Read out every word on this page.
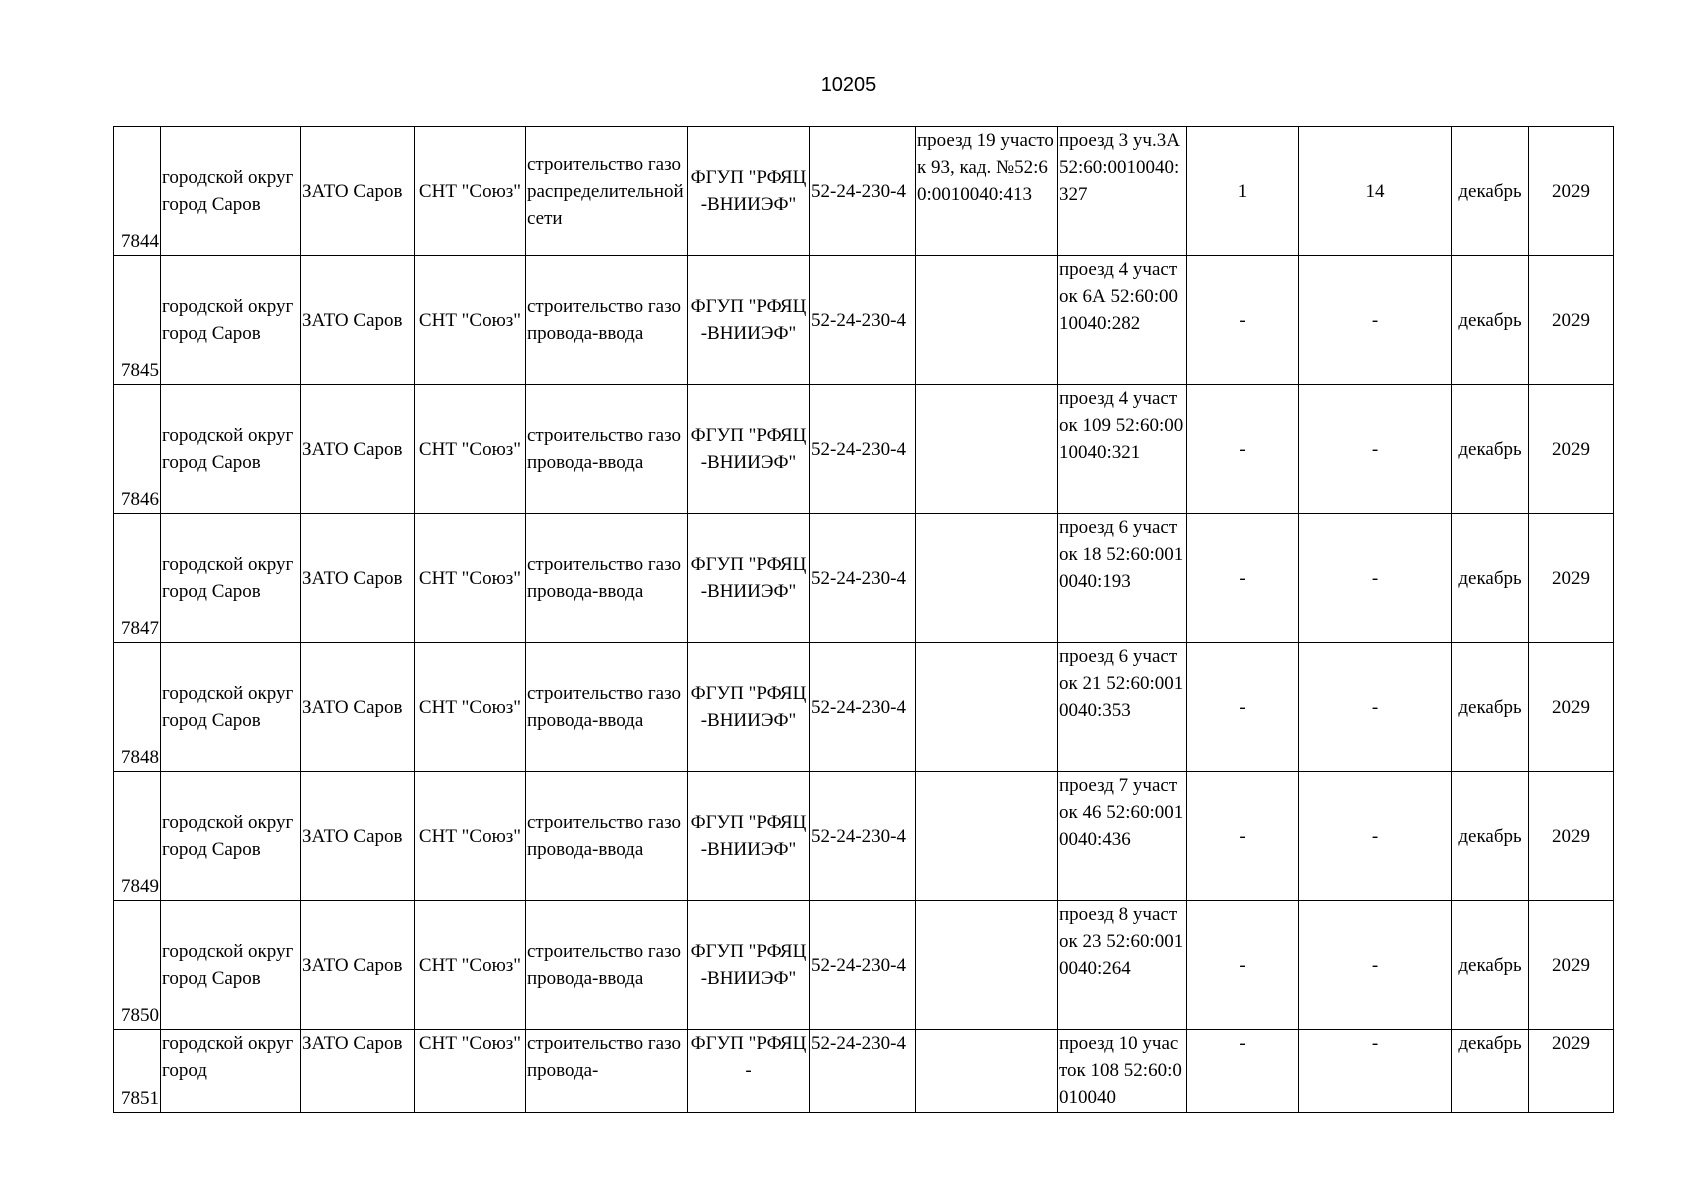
10205
7844	городской округ город Саров	ЗАТО Саров	СНТ "Союз"	строительство газораспределительной сети	ФГУП "РФЯЦ-ВНИИЭФ"	52-24-230-4	проезд 19 участок 93, кад. №52:60:0010040:413	проезд 3 уч.3А 52:60:0010040:327	1	14	декабрь	2029

7845	городской округ город Саров	ЗАТО Саров	СНТ "Союз"	строительство газопровода-ввода	ФГУП "РФЯЦ-ВНИИЭФ"	52-24-230-4		проезд 4 участок 6А 52:60:0010040:282	-	-	декабрь	2029

7846	городской округ город Саров	ЗАТО Саров	СНТ "Союз"	строительство газопровода-ввода	ФГУП "РФЯЦ-ВНИИЭФ"	52-24-230-4		проезд 4 участок 109 52:60:0010040:321	-	-	декабрь	2029

7847	городской округ город Саров	ЗАТО Саров	СНТ "Союз"	строительство газопровода-ввода	ФГУП "РФЯЦ-ВНИИЭФ"	52-24-230-4		проезд 6 участок 18 52:60:0010040:193	-	-	декабрь	2029

7848	городской округ город Саров	ЗАТО Саров	СНТ "Союз"	строительство газопровода-ввода	ФГУП "РФЯЦ-ВНИИЭФ"	52-24-230-4		проезд 6 участок 21 52:60:0010040:353	-	-	декабрь	2029

7849	городской округ город Саров	ЗАТО Саров	СНТ "Союз"	строительство газопровода-ввода	ФГУП "РФЯЦ-ВНИИЭФ"	52-24-230-4		проезд 7 участок 46 52:60:0010040:436	-	-	декабрь	2029

7850	городской округ город Саров	ЗАТО Саров	СНТ "Союз"	строительство газопровода-ввода	ФГУП "РФЯЦ-ВНИИЭФ"	52-24-230-4		проезд 8 участок 23 52:60:0010040:264	-	-	декабрь	2029

7851	городской округ город	ЗАТО Саров	СНТ "Союз"	строительство газопровода-	ФГУП "РФЯЦ-	52-24-230-4		проезд 10 участок 108 52:60:0010040	-	-	декабрь	2029
